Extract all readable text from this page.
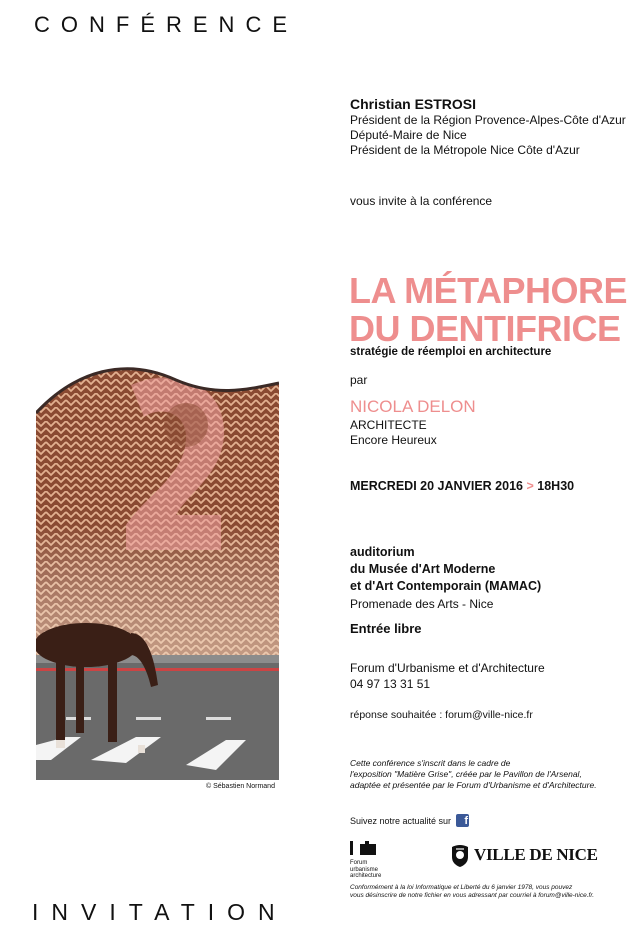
CONFÉRENCE
Christian ESTROSI
Président de la Région Provence-Alpes-Côte d'Azur
Député-Maire de Nice
Président de la Métropole Nice Côte d'Azur
vous invite à la conférence
LA MÉTAPHORE
DU DENTIFRICE
stratégie de réemploi en architecture
par
NICOLA DELON
ARCHITECTE
Encore Heureux
MERCREDI 20 JANVIER 2016 > 18H30
auditorium
du Musée d'Art Moderne
et d'Art Contemporain (MAMAC)
Promenade des Arts - Nice
Entrée libre
Forum d'Urbanisme et d'Architecture
04 97 13 31 51
réponse souhaitée : forum@ville-nice.fr
Cette conférence s'inscrit dans le cadre de
l'exposition "Matière Grise", créée par le Pavillon de l'Arsenal,
adaptée et présentée par le Forum d'Urbanisme et d'Architecture.
Suivez notre actualité sur	f
Forum
urbanisme
architecture
VILLE DE NICE
Conformément à la loi Informatique et Liberté du 6 janvier 1978, vous pouvez
vous désinscrire de notre fichier en vous adressant par courriel à forum@ville-nice.fr.
INVITATION
© Sébastien Normand
